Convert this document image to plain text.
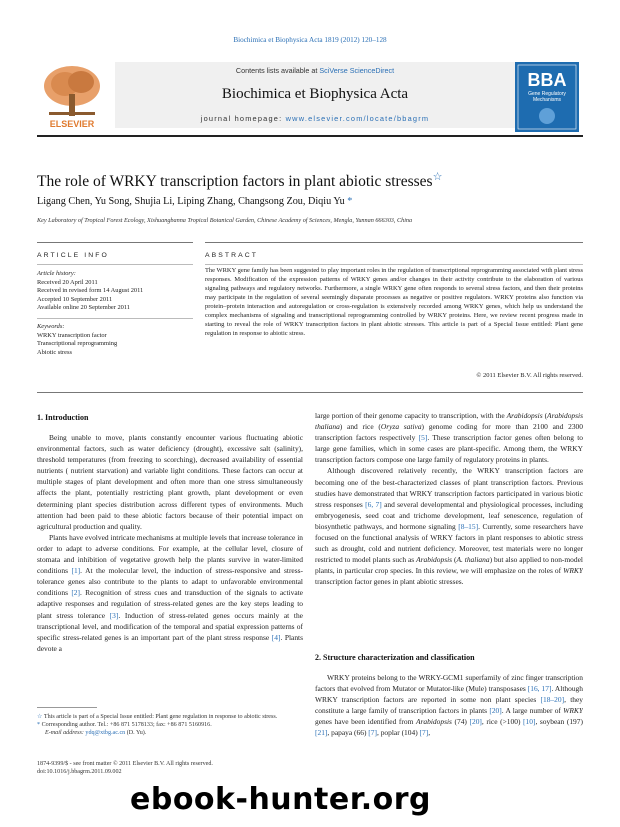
Biochimica et Biophysica Acta 1819 (2012) 120–128
ELSEVIER
Contents lists available at SciVerse ScienceDirect
Biochimica et Biophysica Acta
journal homepage: www.elsevier.com/locate/bbagrm
BBA
Gene Regulatory
Mechanisms
The role of WRKY transcription factors in plant abiotic stresses☆
Ligang Chen, Yu Song, Shujia Li, Liping Zhang, Changsong Zou, Diqiu Yu *
Key Laboratory of Tropical Forest Ecology, Xishuangbanna Tropical Botanical Garden, Chinese Academy of Sciences, Mengla, Yunnan 666303, China
ARTICLE INFO	ABSTRACT
Article history:
Received 20 April 2011
Received in revised form 14 August 2011
Accepted 10 September 2011
Available online 20 September 2011
Keywords:
WRKY transcription factor
Transcriptional reprogramming
Abiotic stress
The WRKY gene family has been suggested to play important roles in the regulation of transcriptional reprogramming associated with plant stress responses. Modification of the expression patterns of WRKY genes and/or changes in their activity contribute to the elaboration of various signaling pathways and regulatory networks. Furthermore, a single WRKY gene often responds to several stress factors, and then their proteins may participate in the regulation of several seemingly disparate processes as negative or positive regulators. WRKY proteins also function via protein–protein interaction and autoregulation or cross-regulation is extensively recorded among WRKY genes, which help us understand the complex mechanisms of signaling and transcriptional reprogramming controlled by WRKY proteins. Here, we review recent progress made in starting to reveal the role of WRKY transcription factors in plant abiotic stresses. This article is part of a Special Issue entitled: Plant gene regulation in response to abiotic stress.
© 2011 Elsevier B.V. All rights reserved.
1. Introduction
2. Structure characterization and classification

Being unable to move, plants constantly encounter various fluctuating abiotic environmental factors, such as water deficiency (drought), excessive salt (salinity), threshold temperatures (from freezing to scorching), decreased availability of essential nutrients ( nutrient starvation) and variable light conditions. These factors can occur at multiple stages of plant development and often more than one stress simultaneously affects the plant, potentially restricting plant growth, plant development or even determining plant species distribution across different types of environments. Much attention had been paid to these abiotic factors because of their potential impact on agricultural production and quality.

Plants have evolved intricate mechanisms at multiple levels that increase tolerance in order to adapt to adverse conditions. For example, at the cellular level, closure of stomata and inhibition of vegetative growth help the plants survive in water-limited conditions [1]. At the molecular level, the induction of stress-responsive and stress-tolerance genes also contribute to the plants to adapt to unfavorable environmental conditions [2]. Recognition of stress cues and transduction of the signals to activate adaptive responses and regulation of stress-related genes are the key steps leading to plant stress tolerance [3]. Induction of stress-related genes occurs mainly at the transcriptional level, and modification of the temporal and spatial expression patterns of specific stress-related genes is an important part of the plant stress response [4]. Plants devote a

large portion of their genome capacity to transcription, with the Arabidopsis (Arabidopsis thaliana) and rice (Oryza sativa) genome coding for more than 2100 and 2300 transcription factors respectively [5]. These transcription factor genes often belong to large gene families, which in some cases are plant-specific. Among them, the WRKY transcription factors compose one large family of regulatory proteins in plants.

Although discovered relatively recently, the WRKY transcription factors are becoming one of the best-characterized classes of plant transcription factors. Previous studies have demonstrated that WRKY transcription factors participated in various biotic stress responses [6, 7] and several developmental and physiological processes, including embryogenesis, seed coat and trichome development, leaf senescence, regulation of biosynthetic pathways, and hormone signaling [8–15]. Currently, some researchers have focused on the functional analysis of WRKY factors in plant responses to abiotic stress such as drought, cold and nutrient deficiency. Moreover, test materials were no longer restricted to model plants such as Arabidopsis (A. thaliana) but also applied to non-model plants, in particular crop species. In this review, we will emphasize on the roles of WRKY transcription factor genes in plant abiotic stresses.

WRKY proteins belong to the WRKY-GCM1 superfamily of zinc finger transcription factors that evolved from Mutator or Mutator-like (Mule) transposases [16, 17]. Although WRKY transcription factors are reported in some non plant species [18–20], they constitute a large family of transcription factors in plants [20]. A large number of WRKY genes have been identified from Arabidopsis (74) [20], rice (>100) [10], soybean (197) [21], papaya (66) [7], poplar (104) [7],

☆ This article is part of a Special Issue entitled: Plant gene regulation in response to abiotic stress.
* Corresponding author. Tel.: +86 871 5178133; fax: +86 871 5160916.
E-mail address: ydq@xtbg.ac.cn (D. Yu).
1874-9399/$ - see front matter © 2011 Elsevier B.V. All rights reserved.
doi:10.1016/j.bbagrm.2011.09.002
ebook-hunter.org
